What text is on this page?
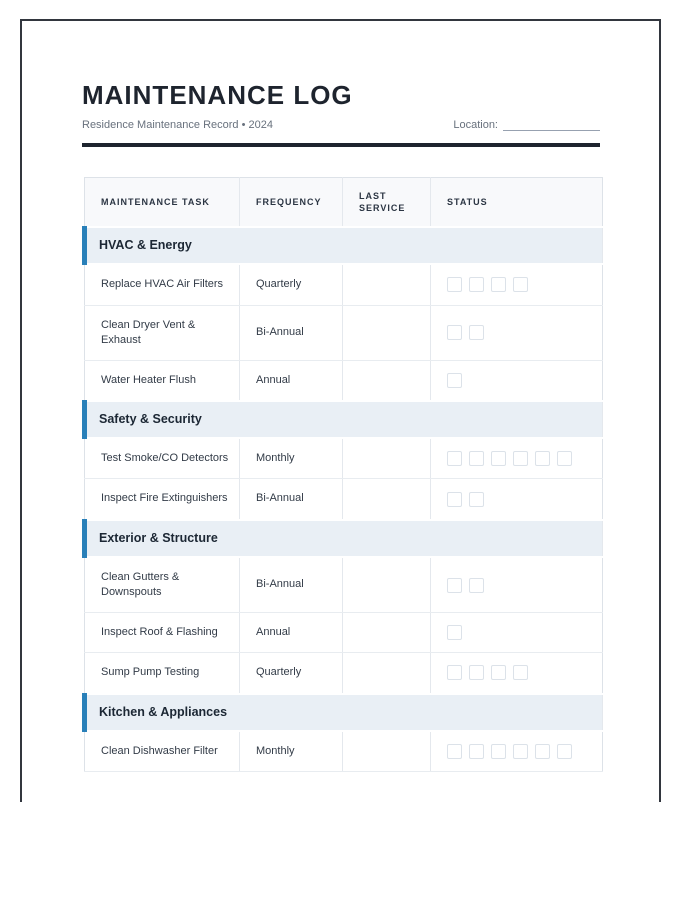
MAINTENANCE LOG
Residence Maintenance Record • 2024	Location:
MAINTENANCE TASK	FREQUENCY	LAST SERVICE	STATUS
HVAC & Energy			
Replace HVAC Air Filters	Quarterly		

Clean Dryer Vent & Exhaust	Bi-Annual		

Water Heater Flush	Annual		

Safety & Security			
Test Smoke/CO Detectors	Monthly		

Inspect Fire Extinguishers	Bi-Annual		

Exterior & Structure			
Clean Gutters & Downspouts	Bi-Annual		

Inspect Roof & Flashing	Annual		

Sump Pump Testing	Quarterly		

Kitchen & Appliances			
Clean Dishwasher Filter	Monthly		
